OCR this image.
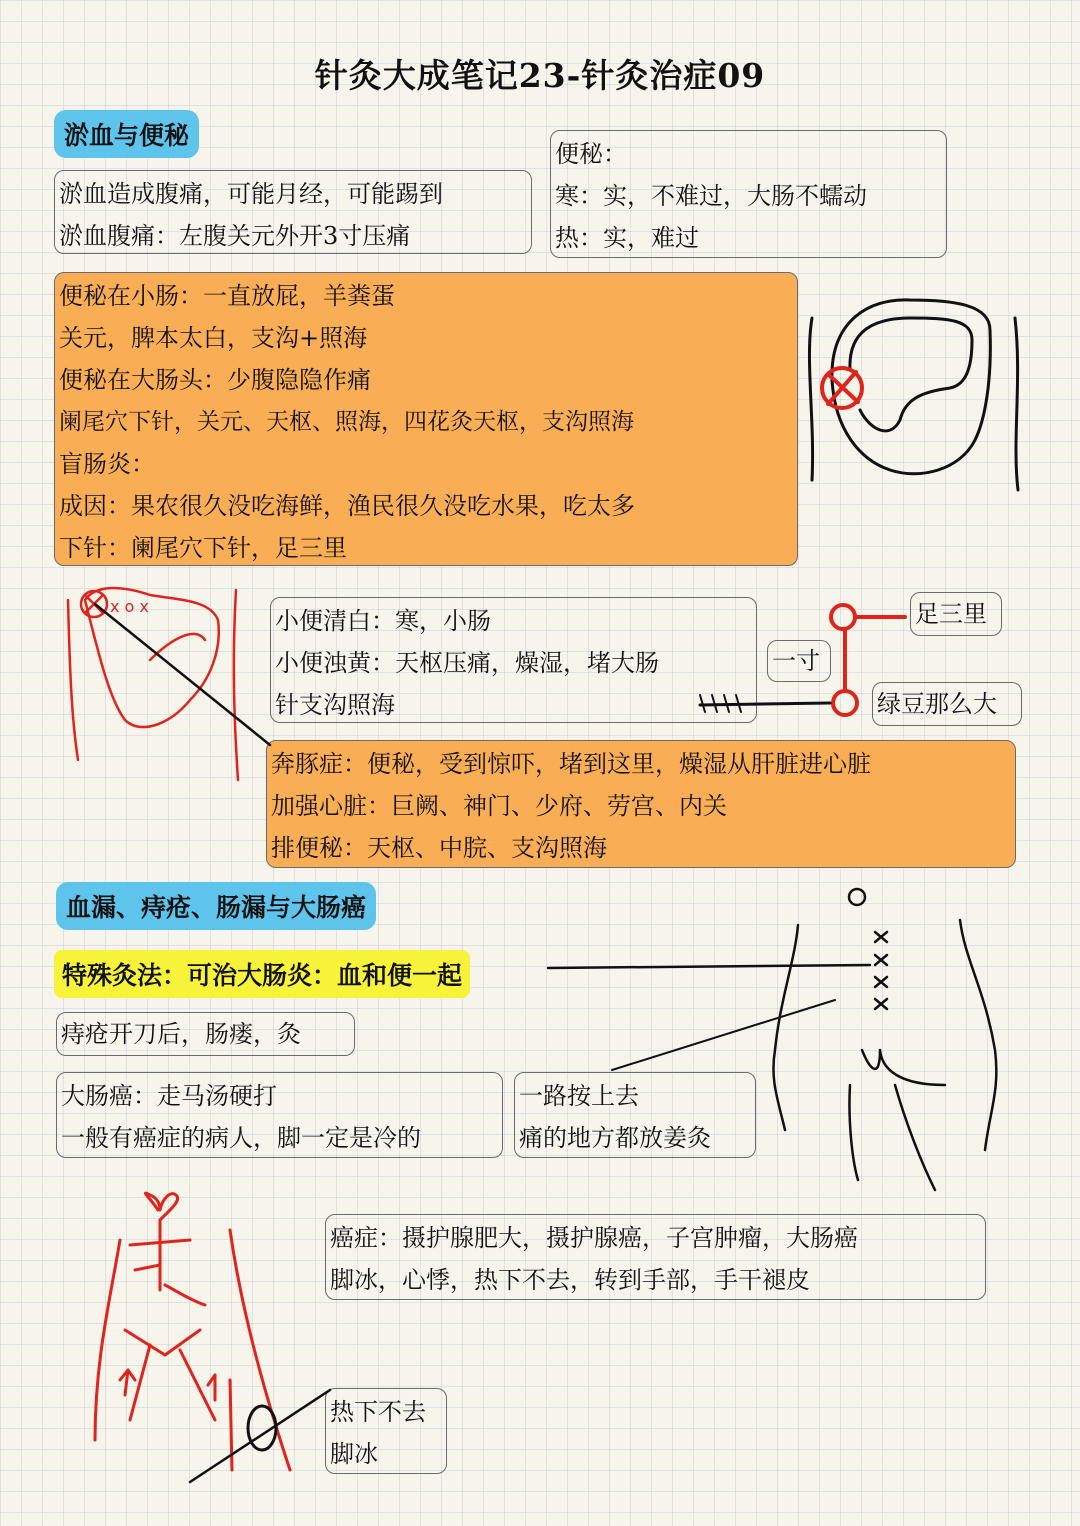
针灸大成笔记23-针灸治症09
淤血与便秘
淤血造成腹痛，可能月经，可能踢到
淤血腹痛：左腹关元外开3寸压痛
便秘：
寒：实，不难过，大肠不蠕动
热：实，难过
便秘在小肠：一直放屁，羊粪蛋
关元，脾本太白，支沟+照海
便秘在大肠头：少腹隐隐作痛
阑尾穴下针，关元、天枢、照海，四花灸天枢，支沟照海
盲肠炎：
成因：果农很久没吃海鲜，渔民很久没吃水果，吃太多
下针：阑尾穴下针，足三里
小便清白：寒，小肠
小便浊黄：天枢压痛，燥湿，堵大肠
针支沟照海
足三里
一寸
绿豆那么大
奔豚症：便秘，受到惊吓，堵到这里，燥湿从肝脏进心脏
加强心脏：巨阙、神门、少府、劳宫、内关
排便秘：天枢、中脘、支沟照海
血漏、痔疮、肠漏与大肠癌
特殊灸法：可治大肠炎：血和便一起
痔疮开刀后，肠瘘，灸
大肠癌：走马汤硬打
一般有癌症的病人，脚一定是冷的
一路按上去
痛的地方都放姜灸
癌症：摄护腺肥大，摄护腺癌，子宫肿瘤，大肠癌
脚冰，心悸，热下不去，转到手部，手干褪皮
热下不去
脚冰
x o x
